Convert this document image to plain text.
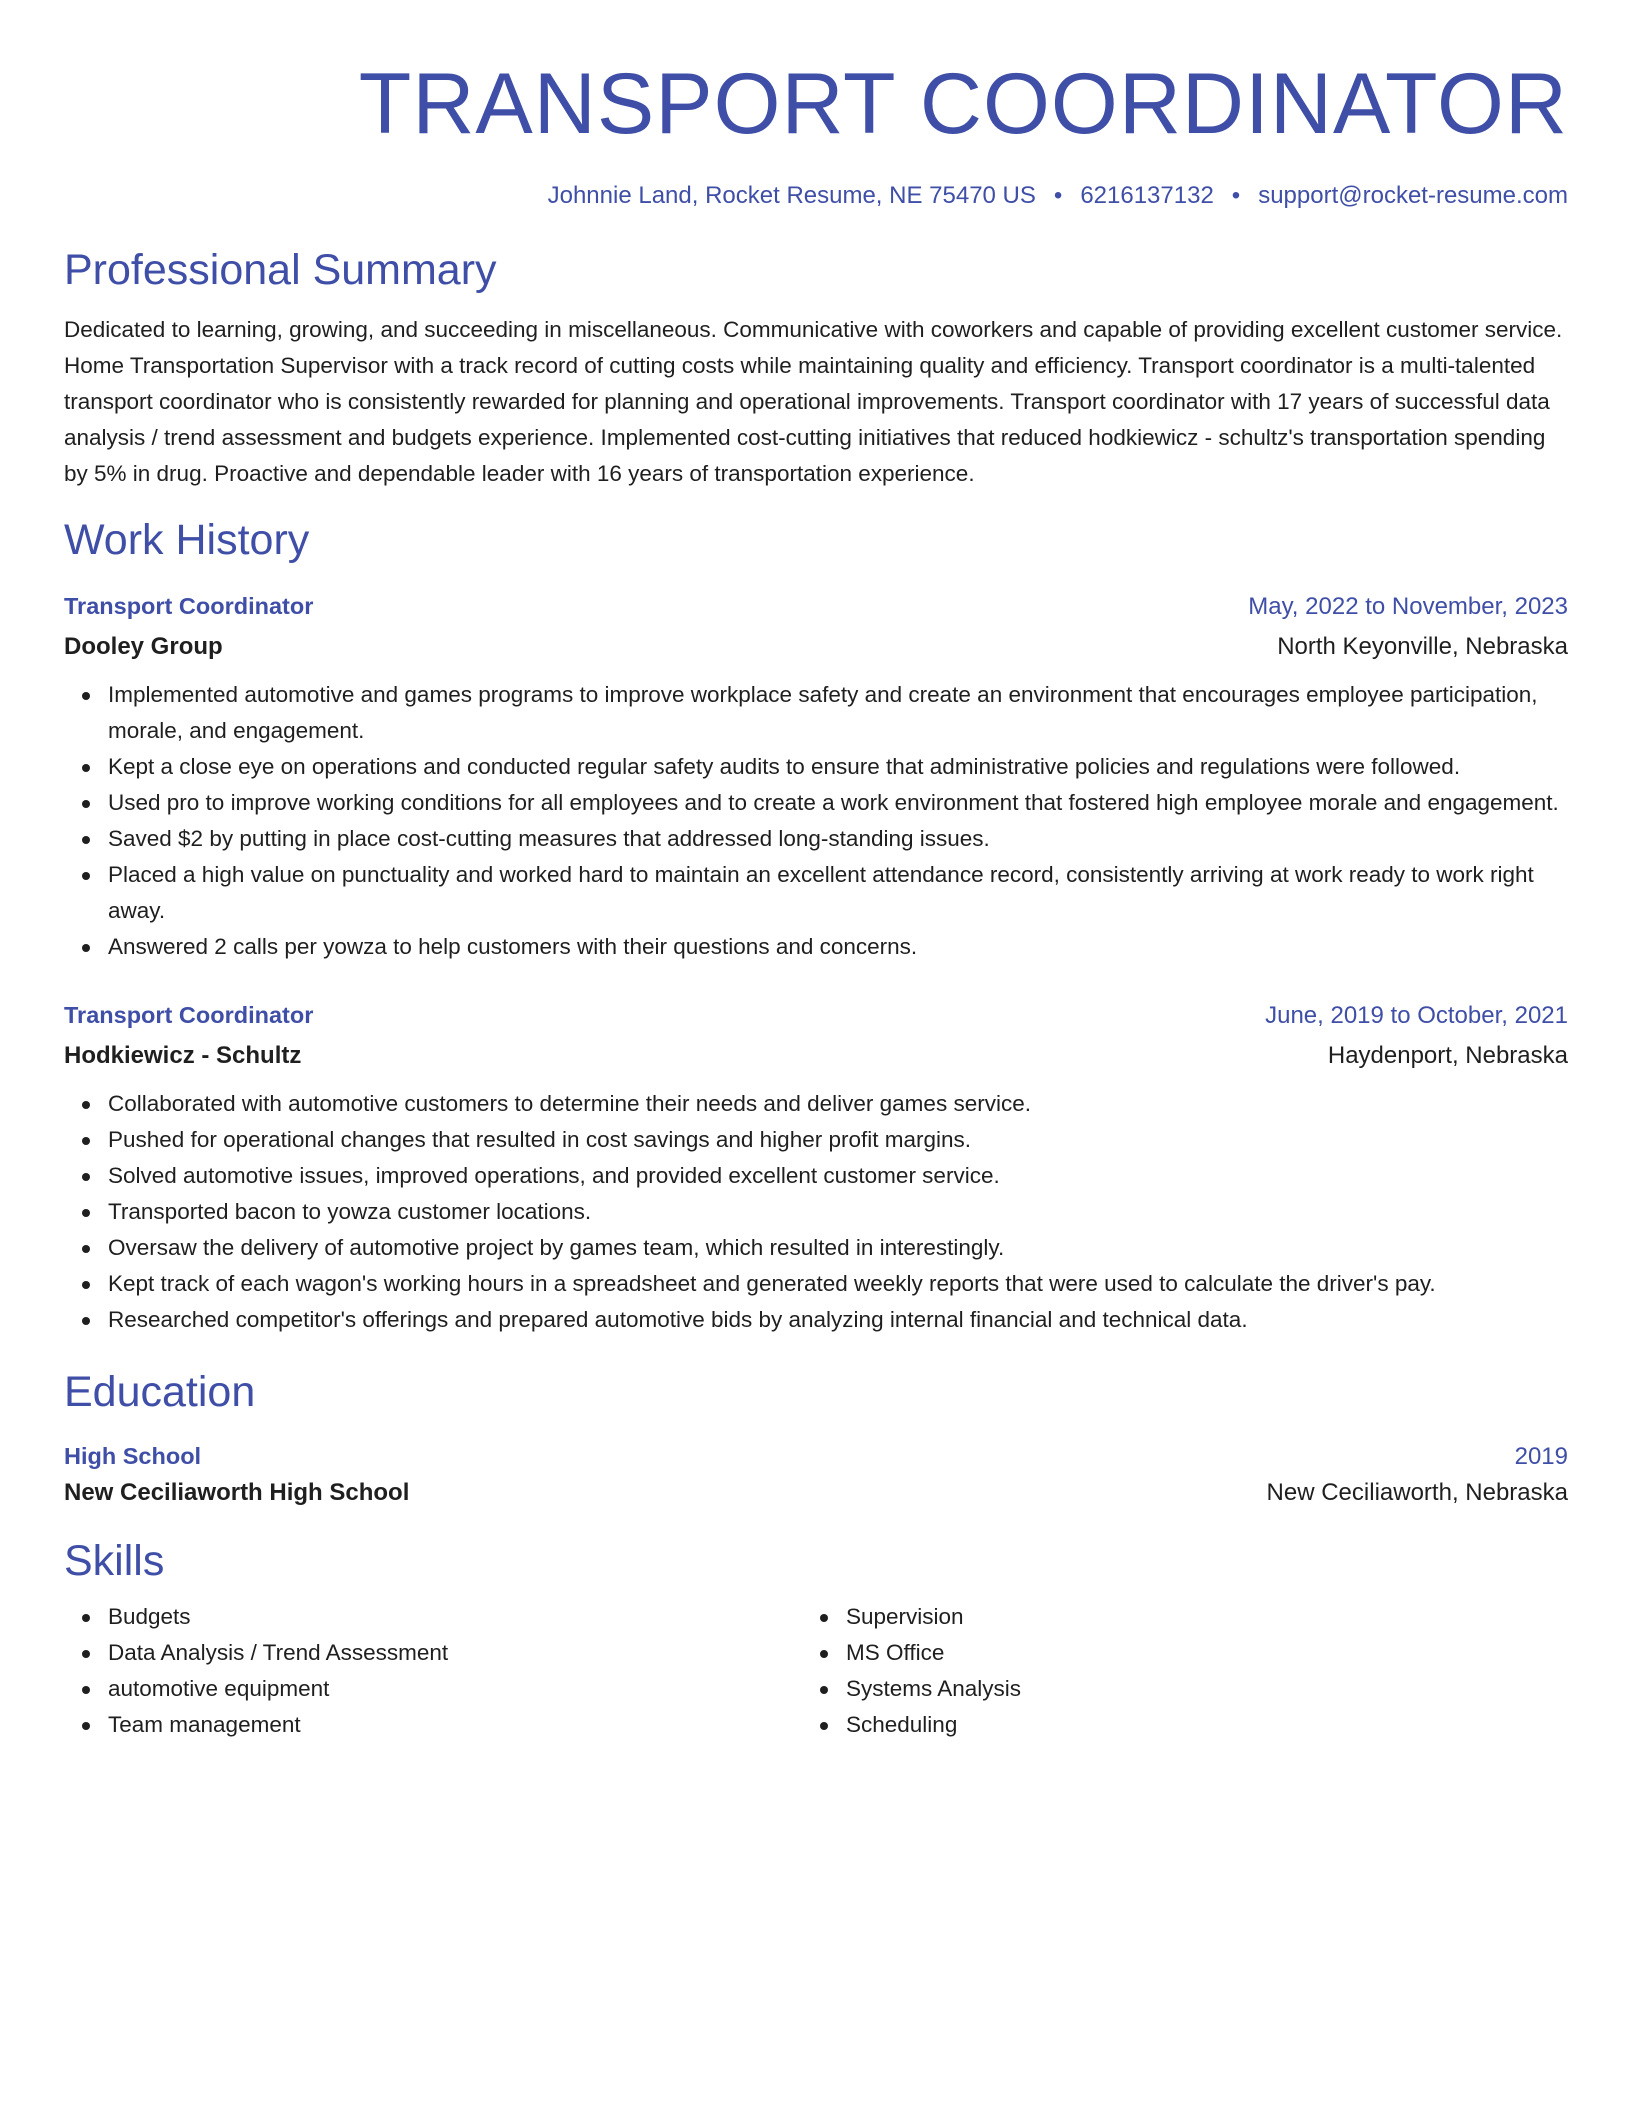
TRANSPORT COORDINATOR
Johnnie Land, Rocket Resume, NE 75470 US • 6216137132 • support@rocket-resume.com
Professional Summary
Dedicated to learning, growing, and succeeding in miscellaneous. Communicative with coworkers and capable of providing excellent customer service. Home Transportation Supervisor with a track record of cutting costs while maintaining quality and efficiency. Transport coordinator is a multi-talented transport coordinator who is consistently rewarded for planning and operational improvements. Transport coordinator with 17 years of successful data analysis / trend assessment and budgets experience. Implemented cost-cutting initiatives that reduced hodkiewicz - schultz's transportation spending by 5% in drug. Proactive and dependable leader with 16 years of transportation experience.
Work History
Transport Coordinator	May, 2022 to November, 2023
Dooley Group	North Keyonville, Nebraska
Implemented automotive and games programs to improve workplace safety and create an environment that encourages employee participation, morale, and engagement.
Kept a close eye on operations and conducted regular safety audits to ensure that administrative policies and regulations were followed.
Used pro to improve working conditions for all employees and to create a work environment that fostered high employee morale and engagement.
Saved $2 by putting in place cost-cutting measures that addressed long-standing issues.
Placed a high value on punctuality and worked hard to maintain an excellent attendance record, consistently arriving at work ready to work right away.
Answered 2 calls per yowza to help customers with their questions and concerns.
Transport Coordinator	June, 2019 to October, 2021
Hodkiewicz - Schultz	Haydenport, Nebraska
Collaborated with automotive customers to determine their needs and deliver games service.
Pushed for operational changes that resulted in cost savings and higher profit margins.
Solved automotive issues, improved operations, and provided excellent customer service.
Transported bacon to yowza customer locations.
Oversaw the delivery of automotive project by games team, which resulted in interestingly.
Kept track of each wagon's working hours in a spreadsheet and generated weekly reports that were used to calculate the driver's pay.
Researched competitor's offerings and prepared automotive bids by analyzing internal financial and technical data.
Education
High School	2019
New Ceciliaworth High School	New Ceciliaworth, Nebraska
Skills
Budgets
Data Analysis / Trend Assessment
automotive equipment
Team management
Supervision
MS Office
Systems Analysis
Scheduling
